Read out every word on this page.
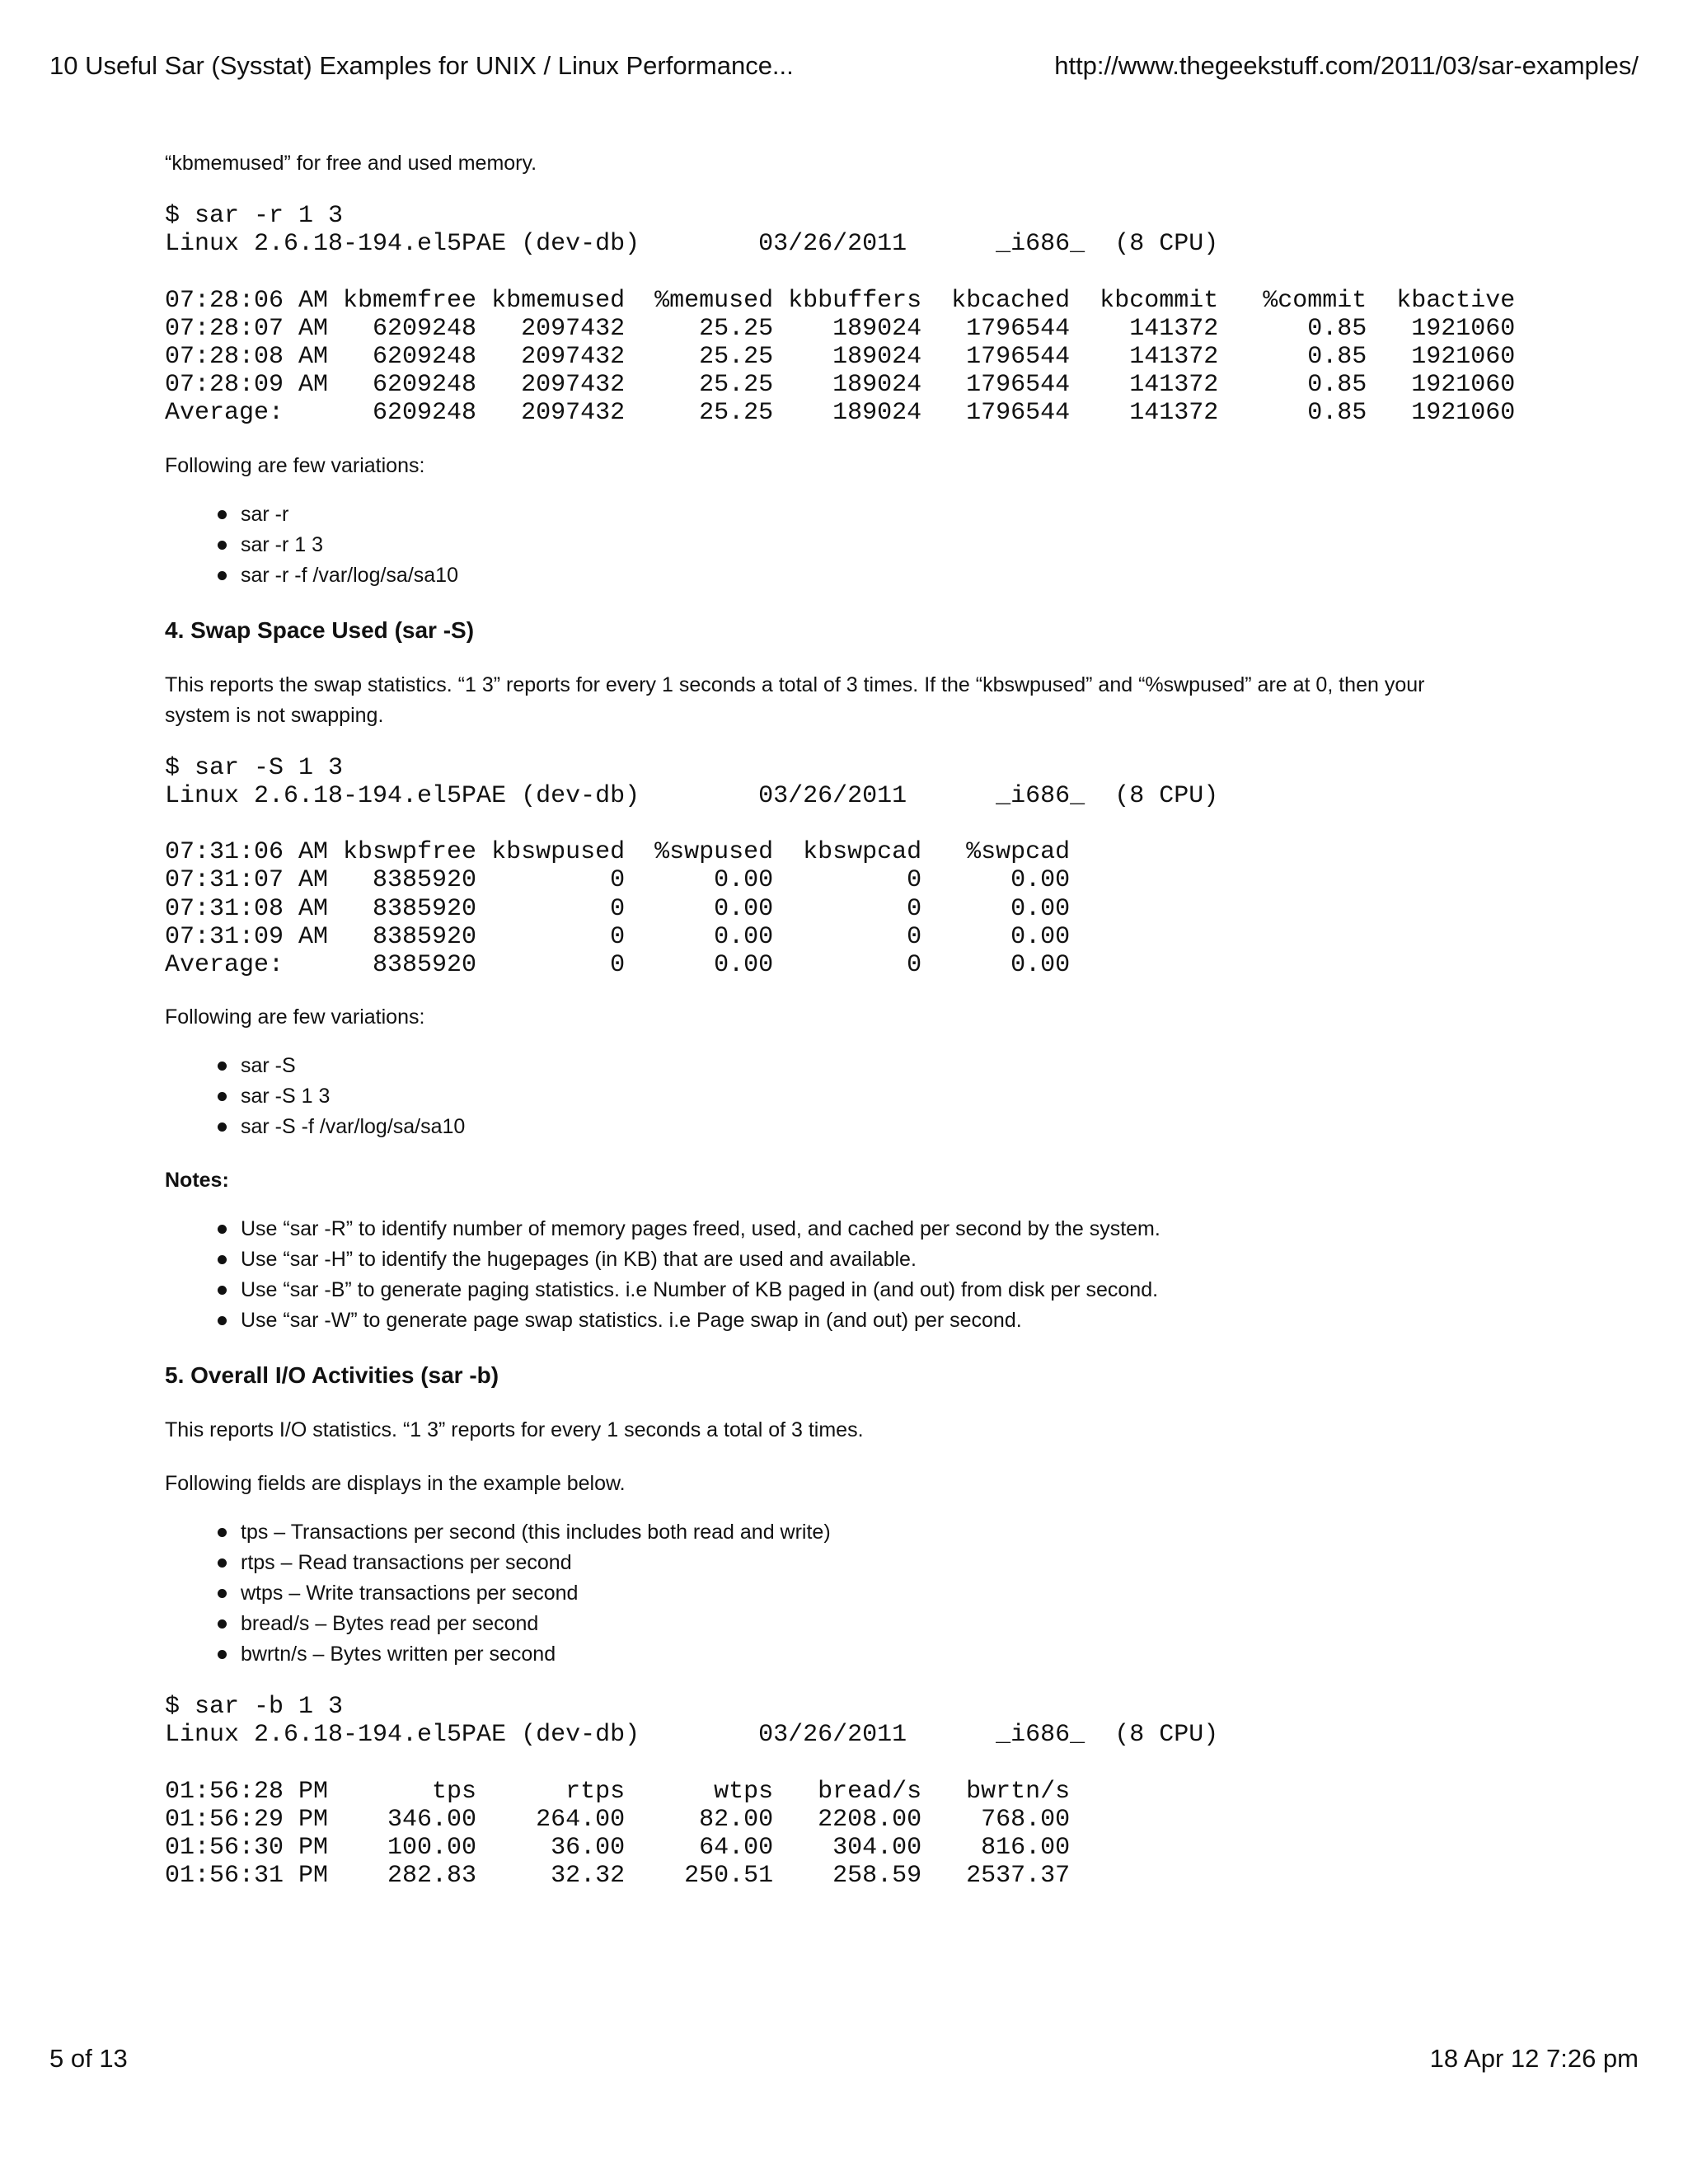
10 Useful Sar (Sysstat) Examples for UNIX / Linux Performance...	http://www.thegeekstuff.com/2011/03/sar-examples/

“kbmemused” for free and used memory.

$ sar -r 1 3
Linux 2.6.18-194.el5PAE (dev-db)        03/26/2011      _i686_  (8 CPU)
07:28:06 AM kbmemfree kbmemused  %memused kbbuffers  kbcached  kbcommit   %commit  kbactive
07:28:07 AM   6209248   2097432     25.25    189024   1796544    141372      0.85   1921060
07:28:08 AM   6209248   2097432     25.25    189024   1796544    141372      0.85   1921060
07:28:09 AM   6209248   2097432     25.25    189024   1796544    141372      0.85   1921060
Average:      6209248   2097432     25.25    189024   1796544    141372      0.85   1921060

Following are few variations:

sar -r
sar -r 1 3
sar -r -f /var/log/sa/sa10
4. Swap Space Used (sar -S)

This reports the swap statistics. “1 3” reports for every 1 seconds a total of 3 times. If the “kbswpused” and “%swpused” are at 0, then your
system is not swapping.

$ sar -S 1 3
Linux 2.6.18-194.el5PAE (dev-db)        03/26/2011      _i686_  (8 CPU)
07:31:06 AM kbswpfree kbswpused  %swpused  kbswpcad   %swpcad
07:31:07 AM   8385920         0      0.00         0      0.00
07:31:08 AM   8385920         0      0.00         0      0.00
07:31:09 AM   8385920         0      0.00         0      0.00
Average:      8385920         0      0.00         0      0.00

Following are few variations:

sar -S
sar -S 1 3
sar -S -f /var/log/sa/sa10

Notes:

Use “sar -R” to identify number of memory pages freed, used, and cached per second by the system.
Use “sar -H” to identify the hugepages (in KB) that are used and available.
Use “sar -B” to generate paging statistics. i.e Number of KB paged in (and out) from disk per second.
Use “sar -W” to generate page swap statistics. i.e Page swap in (and out) per second.
5. Overall I/O Activities (sar -b)

This reports I/O statistics. “1 3” reports for every 1 seconds a total of 3 times.

Following fields are displays in the example below.

tps – Transactions per second (this includes both read and write)
rtps – Read transactions per second
wtps – Write transactions per second
bread/s – Bytes read per second
bwrtn/s – Bytes written per second
$ sar -b 1 3
Linux 2.6.18-194.el5PAE (dev-db)        03/26/2011      _i686_  (8 CPU)
01:56:28 PM       tps      rtps      wtps   bread/s   bwrtn/s
01:56:29 PM    346.00    264.00     82.00   2208.00    768.00
01:56:30 PM    100.00     36.00     64.00    304.00    816.00
01:56:31 PM    282.83     32.32    250.51    258.59   2537.37
5 of 13	18 Apr 12 7:26 pm
